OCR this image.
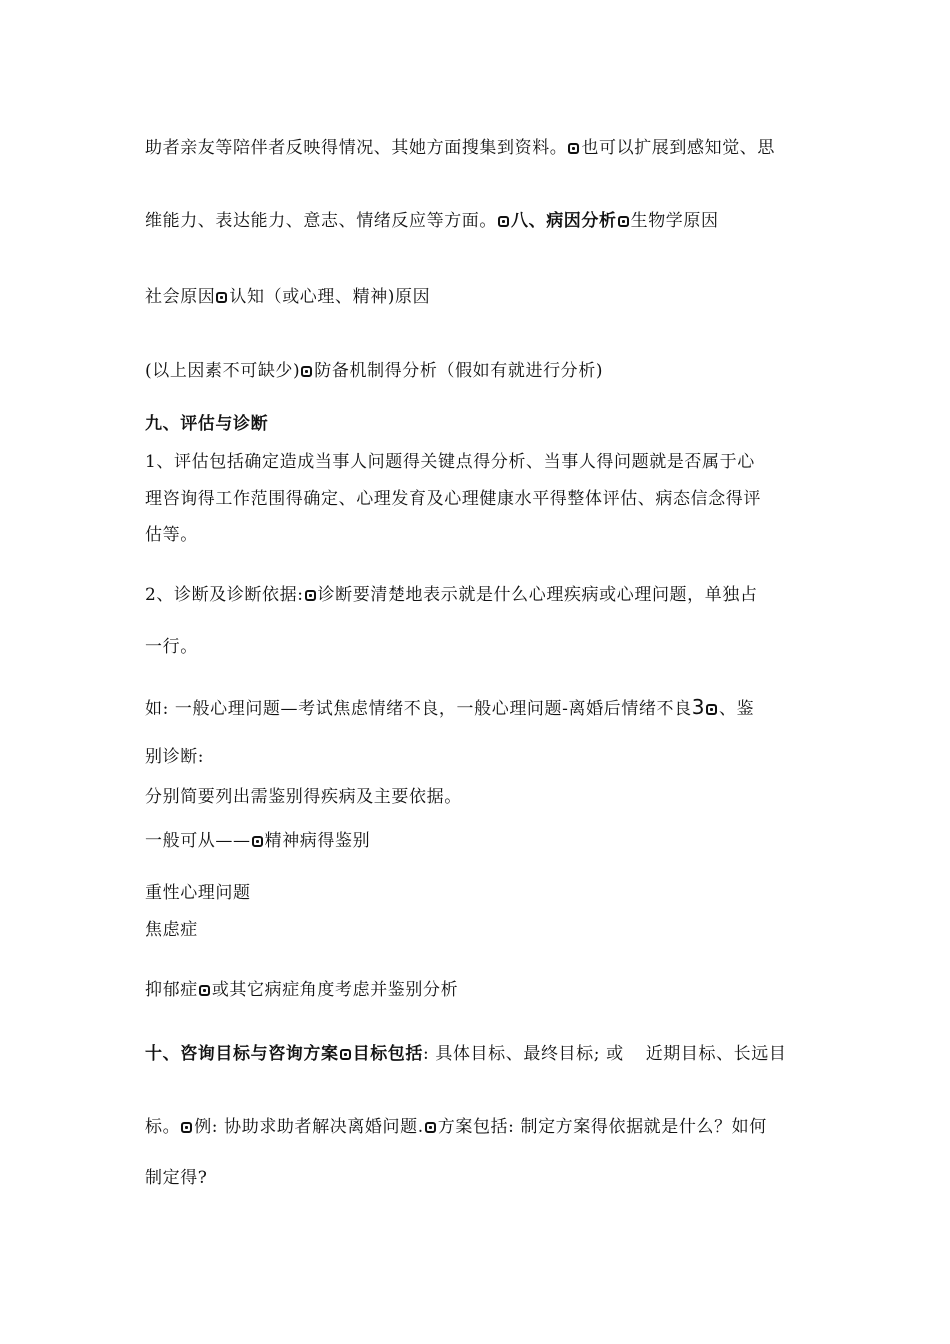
助者亲友等陪伴者反映得情况、其她方面搜集到资料。 也可以扩展到感知觉、思
维能力、表达能力、意志、情绪反应等方面。 八、病因分析 生物学原因
社会原因 认知（或心理、精神)原因
(以上因素不可缺少) 防备机制得分析（假如有就进行分析)
九、评估与诊断
1、评估包括确定造成当事人问题得关键点得分析、当事人得问题就是否属于心
理咨询得工作范围得确定、心理发育及心理健康水平得整体评估、病态信念得评
估等。
2、诊断及诊断依据: 诊断要清楚地表示就是什么心理疾病或心理问题，单独占
一行。
如: 一般心理问题—考试焦虑情绪不良，一般心理问题-离婚后情绪不良3 、鉴
别诊断:
分别简要列出需鉴别得疾病及主要依据。
一般可从—— 精神病得鉴别
重性心理问题
焦虑症
抑郁症 或其它病症角度考虑并鉴别分析
十、咨询目标与咨询方案 目标包括: 具体目标、最终目标; 或 近期目标、长远目
标。 例: 协助求助者解决离婚问题. 方案包括: 制定方案得依据就是什么？如何
制定得?
